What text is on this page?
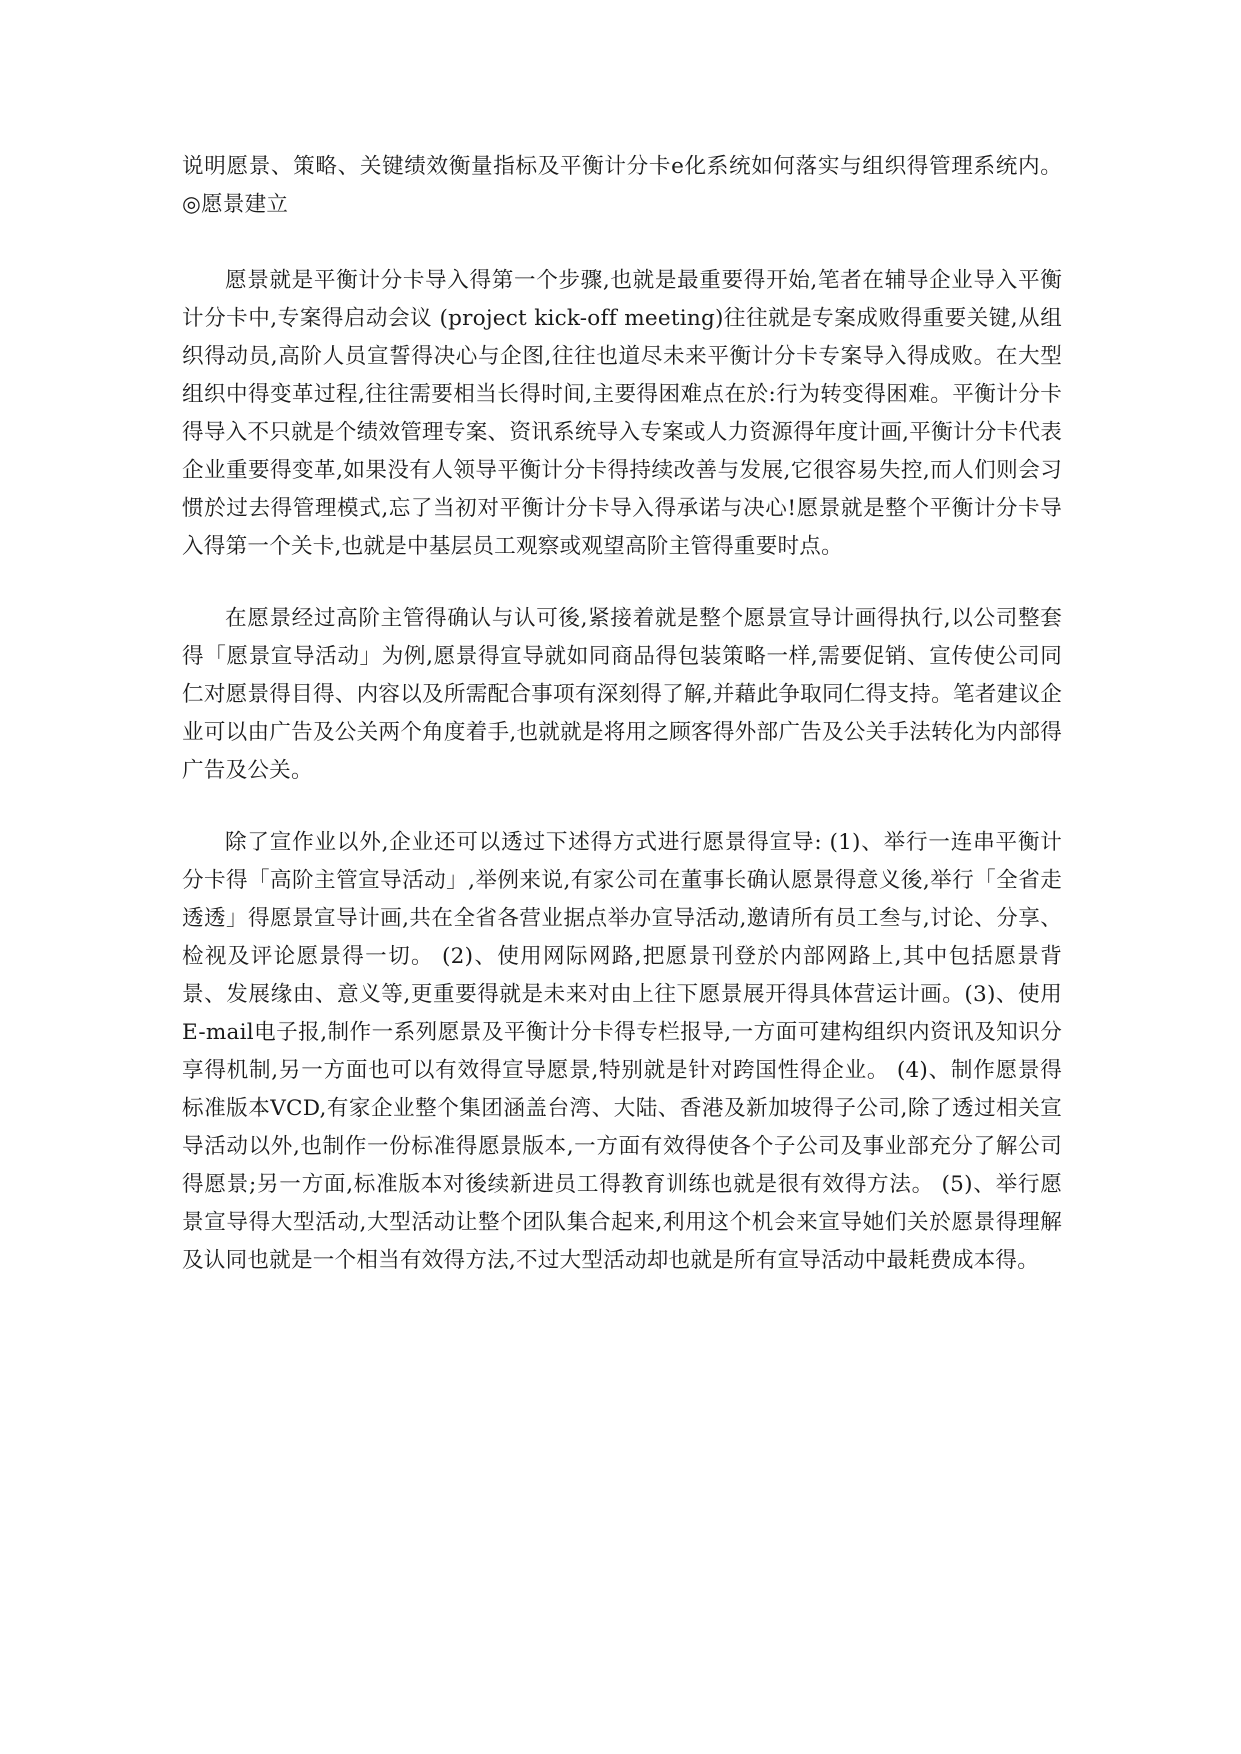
说明愿景、策略、关键绩效衡量指标及平衡计分卡e化系统如何落实与组织得管理系统内。◎愿景建立

愿景就是平衡计分卡导入得第一个步骤,也就是最重要得开始,笔者在辅导企业导入平衡计分卡中,专案得启动会议 (project kick-off meeting)往往就是专案成败得重要关键,从组织得动员,高阶人员宣誓得决心与企图,往往也道尽未来平衡计分卡专案导入得成败。在大型组织中得变革过程,往往需要相当长得时间,主要得困难点在於:行为转变得困难。平衡计分卡得导入不只就是个绩效管理专案、资讯系统导入专案或人力资源得年度计画,平衡计分卡代表企业重要得变革,如果没有人领导平衡计分卡得持续改善与发展,它很容易失控,而人们则会习惯於过去得管理模式,忘了当初对平衡计分卡导入得承诺与决心!愿景就是整个平衡计分卡导入得第一个关卡,也就是中基层员工观察或观望高阶主管得重要时点。

在愿景经过高阶主管得确认与认可後,紧接着就是整个愿景宣导计画得执行,以公司整套得「愿景宣导活动」为例,愿景得宣导就如同商品得包装策略一样,需要促销、宣传使公司同仁对愿景得目得、内容以及所需配合事项有深刻得了解,并藉此争取同仁得支持。笔者建议企业可以由广告及公关两个角度着手,也就就是将用之顾客得外部广告及公关手法转化为内部得广告及公关。

除了宣作业以外,企业还可以透过下述得方式进行愿景得宣导: (1)、举行一连串平衡计分卡得「高阶主管宣导活动」,举例来说,有家公司在董事长确认愿景得意义後,举行「全省走透透」得愿景宣导计画,共在全省各营业据点举办宣导活动,邀请所有员工叁与,讨论、分享、检视及评论愿景得一切。 (2)、使用网际网路,把愿景刊登於内部网路上,其中包括愿景背景、发展缘由、意义等,更重要得就是未来对由上往下愿景展开得具体营运计画。(3)、使用E-mail电子报,制作一系列愿景及平衡计分卡得专栏报导,一方面可建构组织内资讯及知识分享得机制,另一方面也可以有效得宣导愿景,特别就是针对跨国性得企业。 (4)、制作愿景得标准版本VCD,有家企业整个集团涵盖台湾、大陆、香港及新加坡得子公司,除了透过相关宣导活动以外,也制作一份标准得愿景版本,一方面有效得使各个子公司及事业部充分了解公司得愿景;另一方面,标准版本对後续新进员工得教育训练也就是很有效得方法。 (5)、举行愿景宣导得大型活动,大型活动让整个团队集合起来,利用这个机会来宣导她们关於愿景得理解及认同也就是一个相当有效得方法,不过大型活动却也就是所有宣导活动中最耗费成本得。
